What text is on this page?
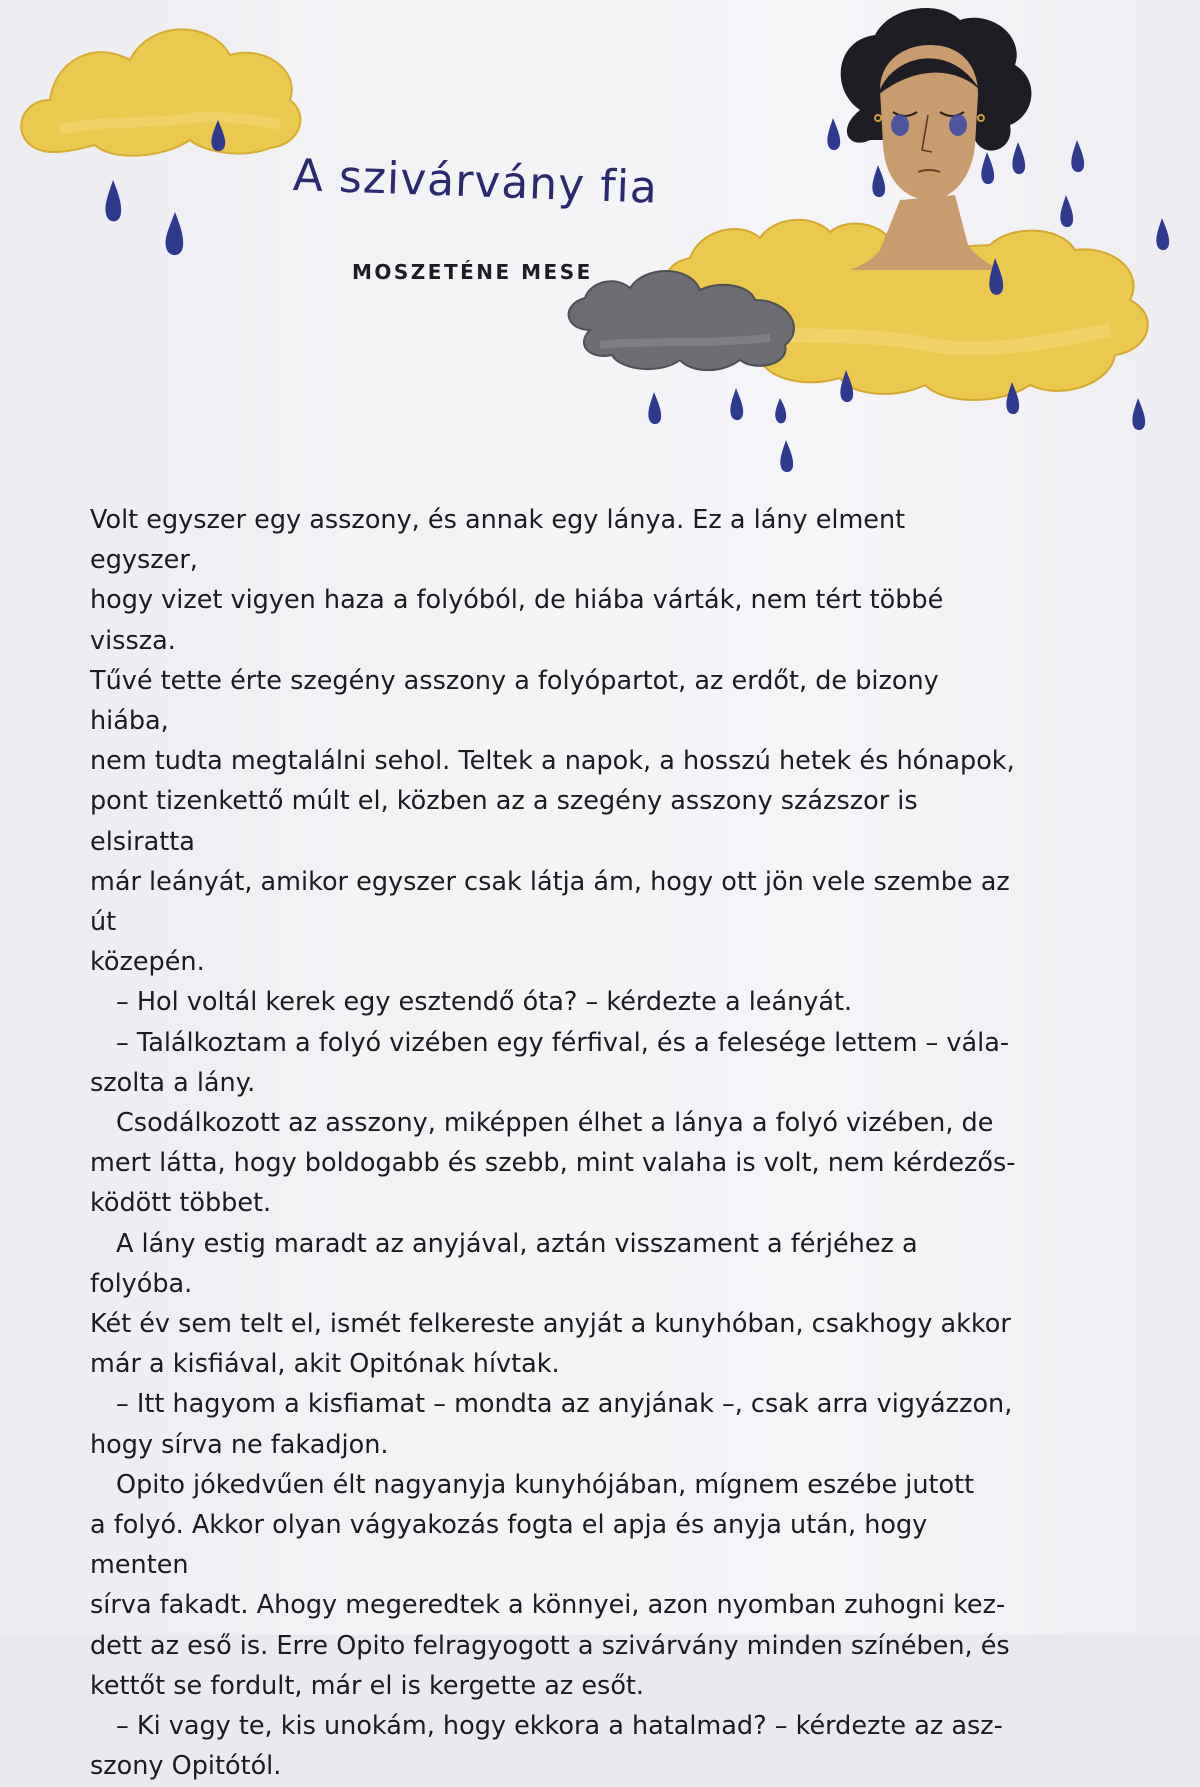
A szivárvány fia
MOSZETÉNE MESE

Volt egyszer egy asszony, és annak egy lánya. Ez a lány elment egyszer,
hogy vizet vigyen haza a folyóból, de hiába várták, nem tért többé vissza.
Tűvé tette érte szegény asszony a folyópartot, az erdőt, de bizony hiába,
nem tudta megtalálni sehol. Teltek a napok, a hosszú hetek és hónapok,
pont tizenkettő múlt el, közben az a szegény asszony százszor is elsiratta
már leányát, amikor egyszer csak látja ám, hogy ott jön vele szembe az út
közepén.

– Hol voltál kerek egy esztendő óta? – kérdezte a leányát.

– Találkoztam a folyó vizében egy férfival, és a felesége lettem – vála-
szolta a lány.

Csodálkozott az asszony, miképpen élhet a lánya a folyó vizében, de
mert látta, hogy boldogabb és szebb, mint valaha is volt, nem kérdezős-
ködött többet.

A lány estig maradt az anyjával, aztán visszament a férjéhez a folyóba.
Két év sem telt el, ismét felkereste anyját a kunyhóban, csakhogy akkor
már a kisfiával, akit Opitónak hívtak.

– Itt hagyom a kisfiamat – mondta az anyjának –, csak arra vigyázzon,
hogy sírva ne fakadjon.

Opito jókedvűen élt nagyanyja kunyhójában, mígnem eszébe jutott
a folyó. Akkor olyan vágyakozás fogta el apja és anyja után, hogy menten
sírva fakadt. Ahogy megeredtek a könnyei, azon nyomban zuhogni kez-
dett az eső is. Erre Opito felragyogott a szivárvány minden színében, és
kettőt se fordult, már el is kergette az esőt.

– Ki vagy te, kis unokám, hogy ekkora a hatalmad? – kérdezte az asz-
szony Opitótól.
